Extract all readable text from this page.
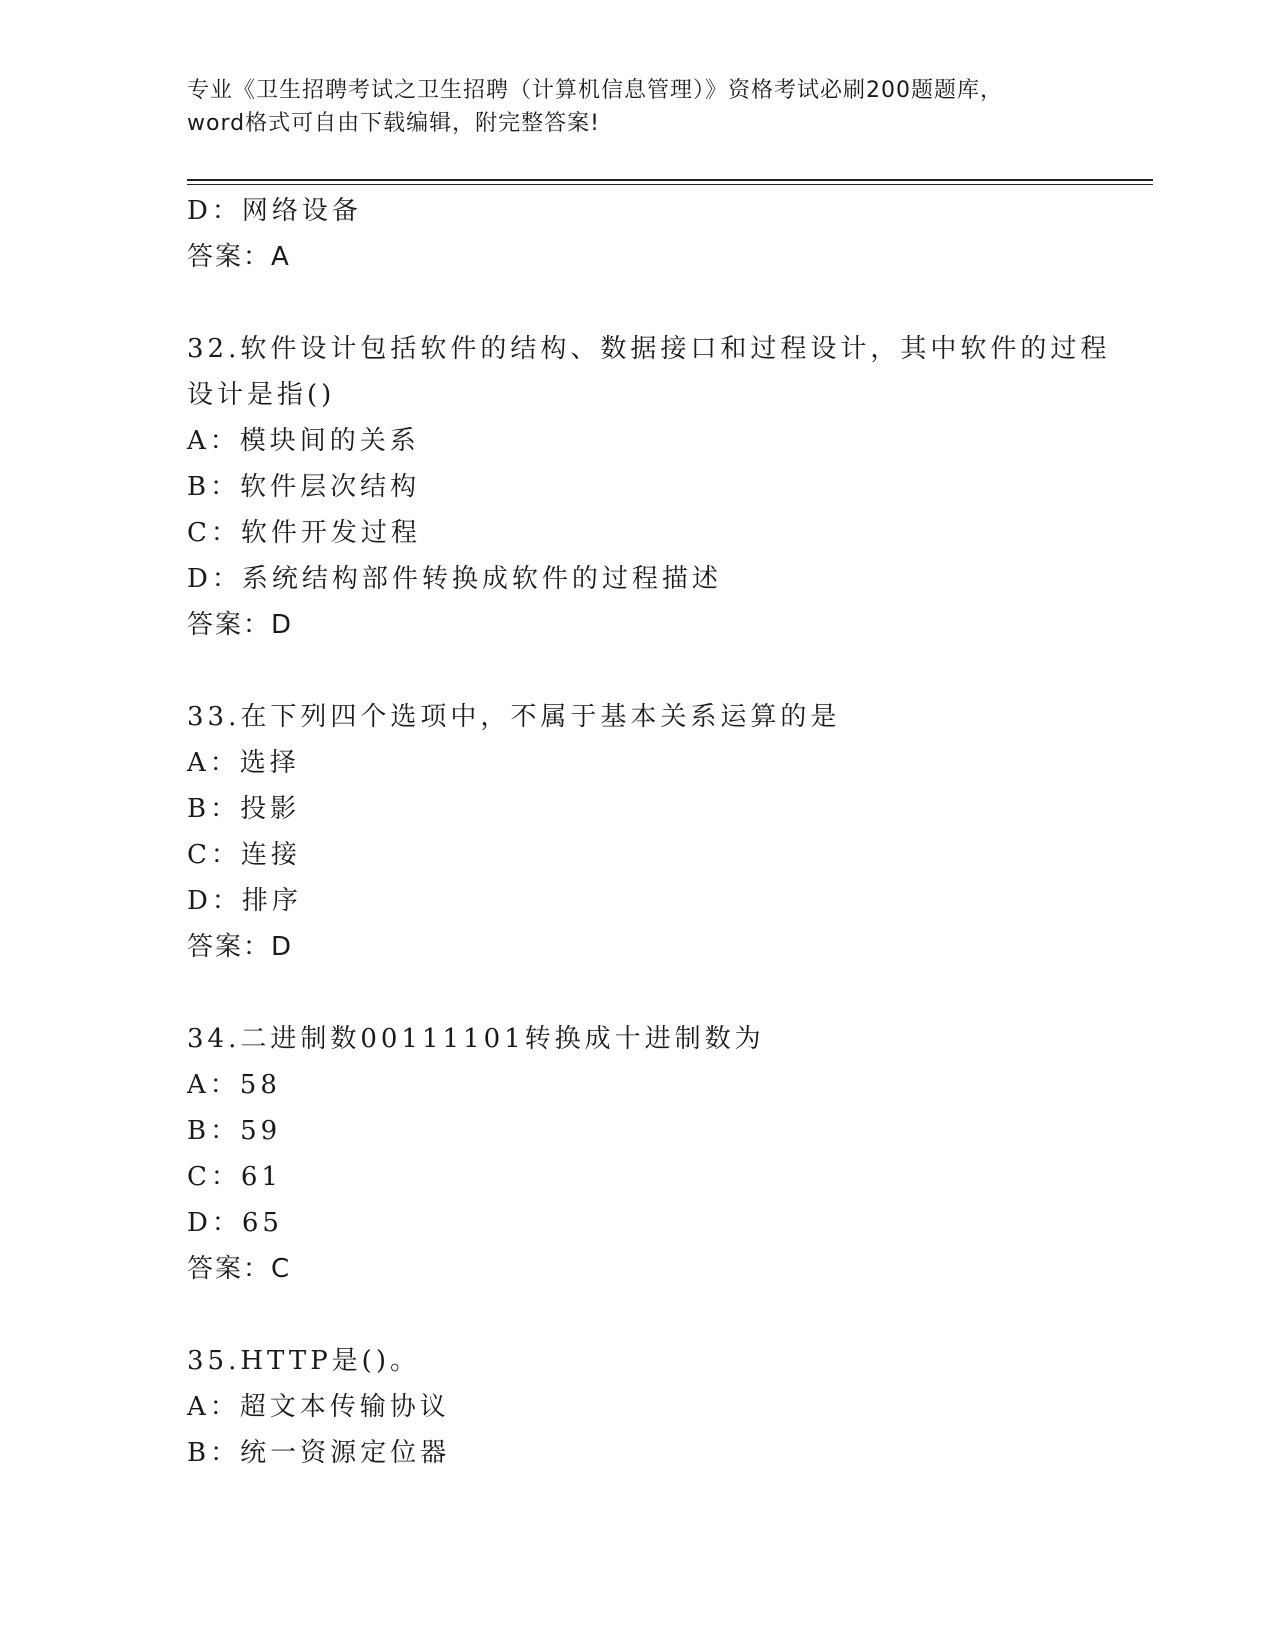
专业《卫生招聘考试之卫生招聘（计算机信息管理）》资格考试必刷200题题库，
word格式可自由下载编辑，附完整答案!
D：网络设备
答案：A
32.软件设计包括软件的结构、数据接口和过程设计，其中软件的过程
设计是指()
A：模块间的关系
B：软件层次结构
C：软件开发过程
D：系统结构部件转换成软件的过程描述
答案：D
33.在下列四个选项中，不属于基本关系运算的是
A：选择
B：投影
C：连接
D：排序
答案：D
34.二进制数00111101转换成十进制数为
A：58
B：59
C：61
D：65
答案：C
35.HTTP是()。
A：超文本传输协议
B：统一资源定位器
